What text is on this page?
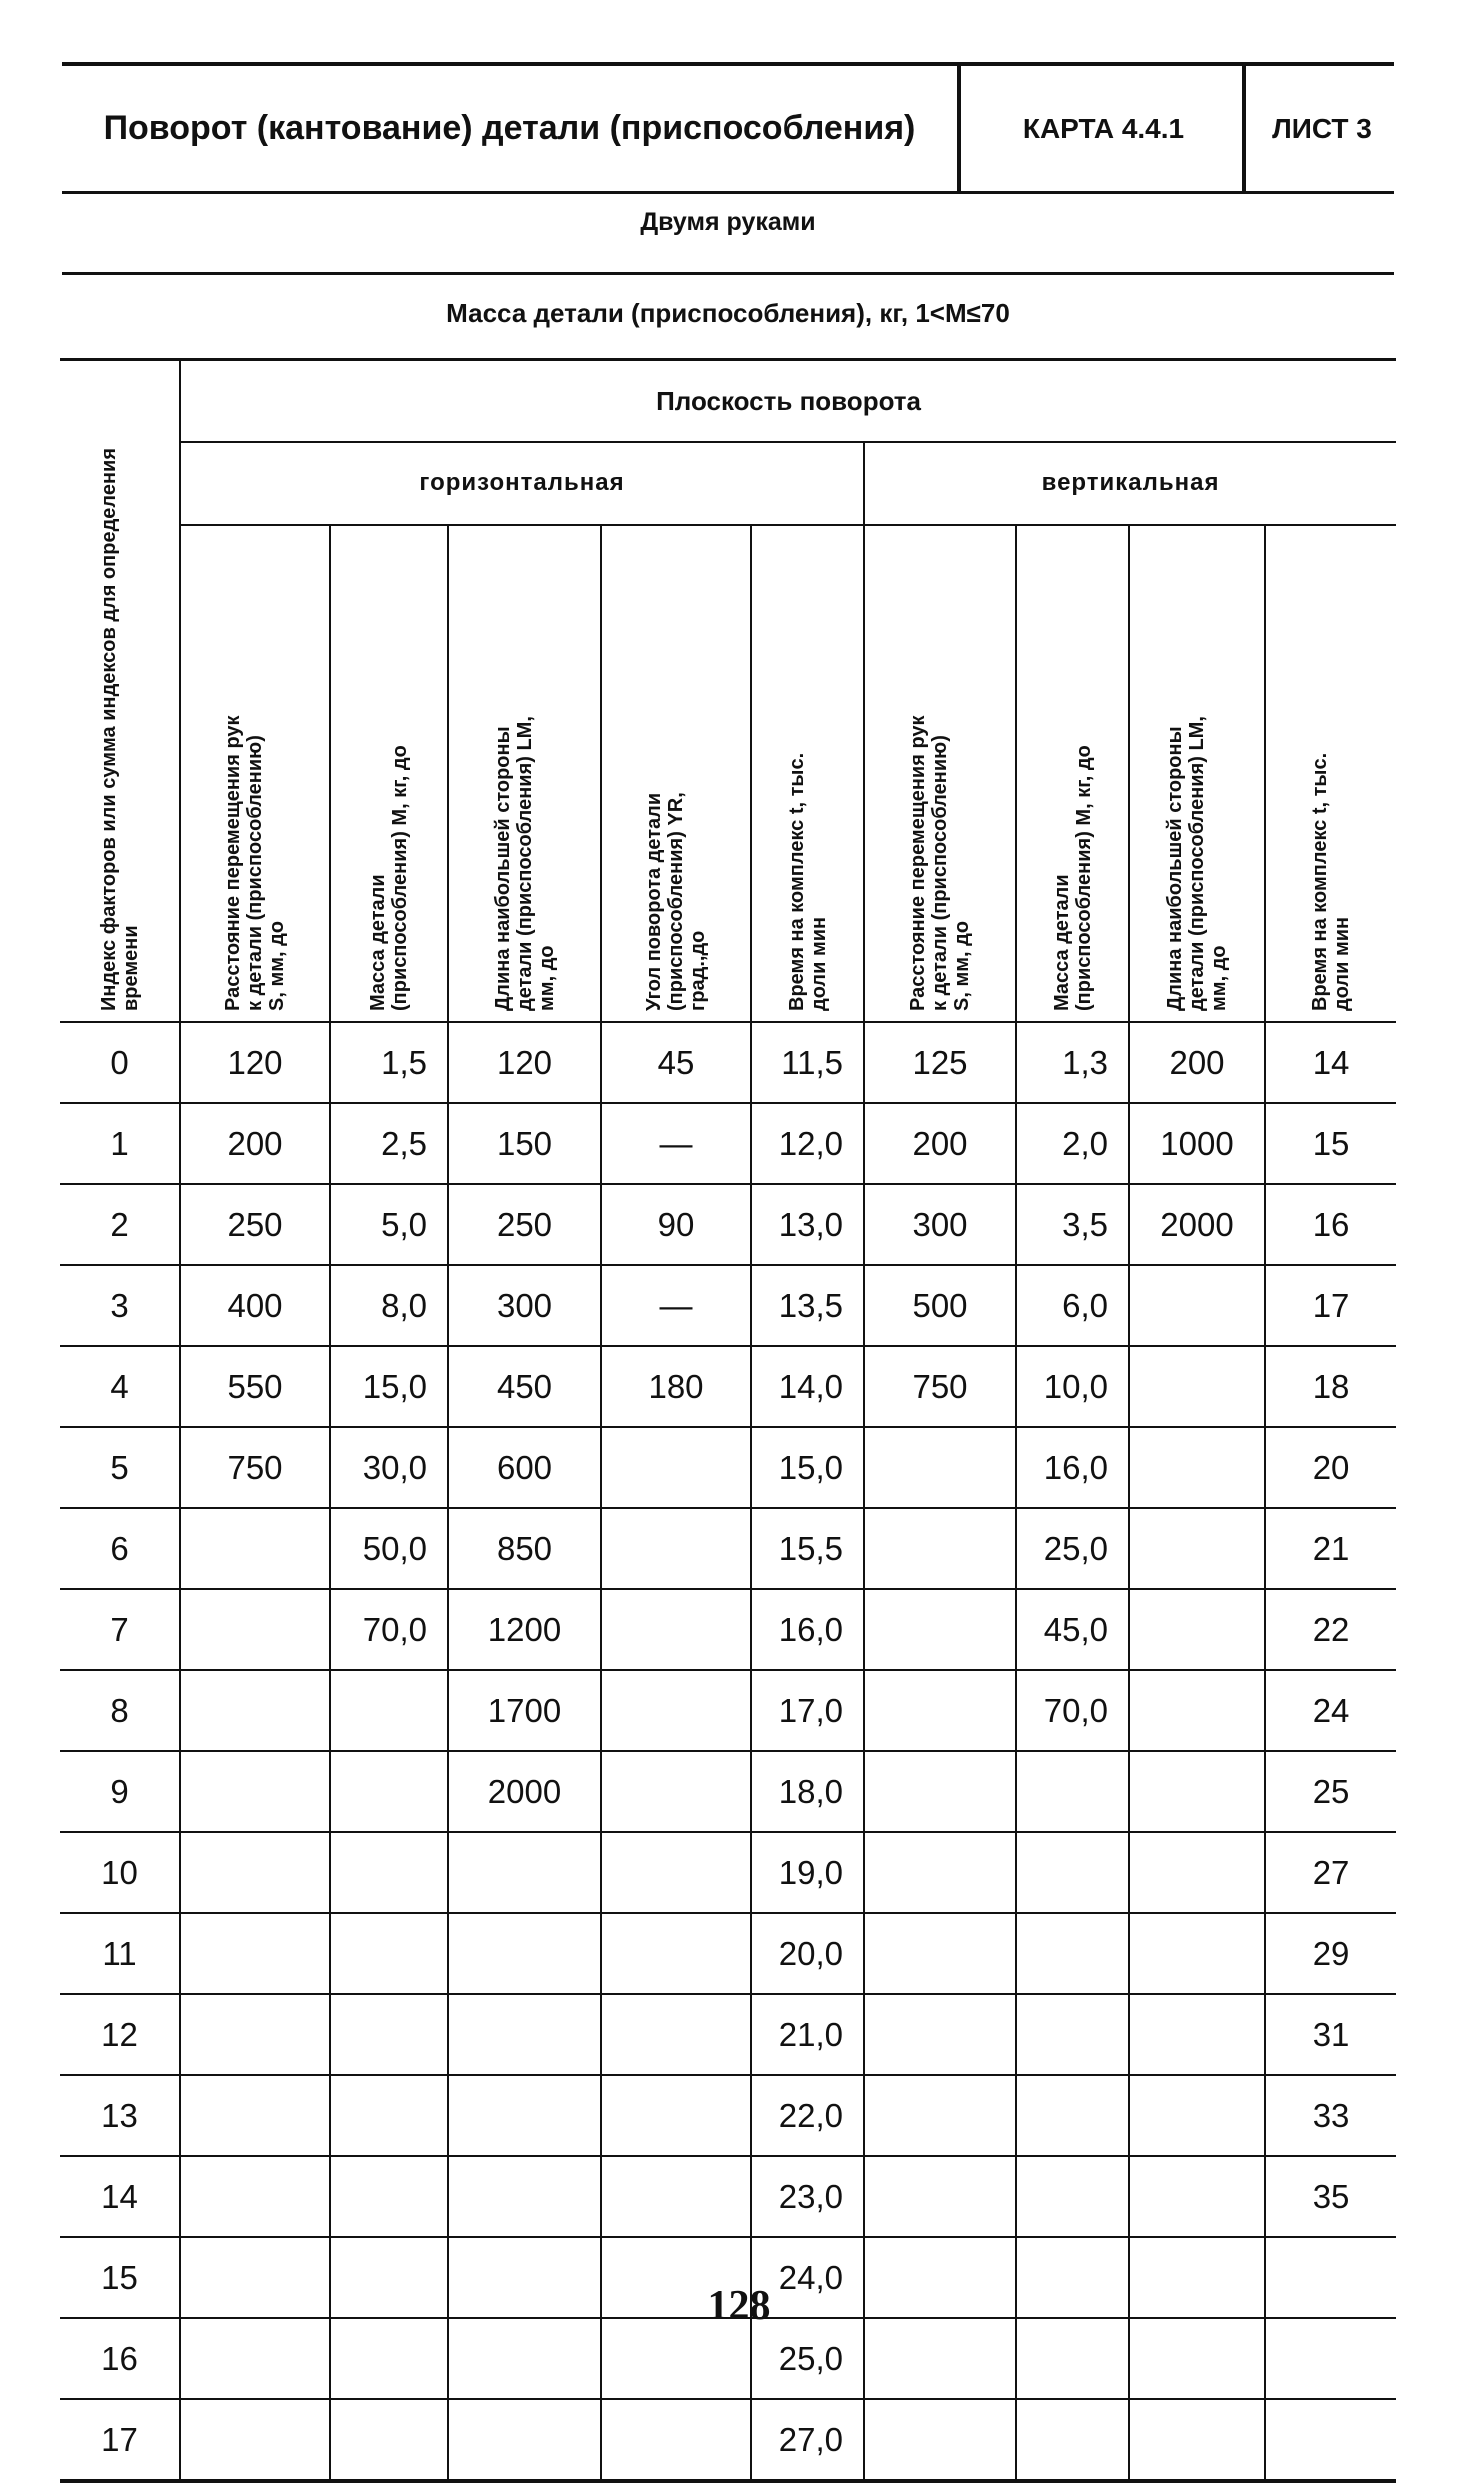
Поворот (кантование) детали (приспособления)	КАРТА 4.4.1	ЛИСТ 3
Двумя руками
Масса детали (приспособления), кг, 1<M≤70
Индекс факторов или сумма индексов для определения времени	Плоскость поворота								
	горизонтальная					вертикальная			

	Расстояние перемещения рук к детали (приспособлению) S, мм, до	Масса детали (приспособления) M, кг, до	Длина наибольшей стороны детали (приспособления) LM, мм, до	Угол поворота детали (приспособления) YR, град.,до	Время на комплекс t, тыс. доли мин	Расстояние перемещения рук к детали (приспособлению) S, мм, до	Масса детали (приспособления) M, кг, до	Длина наибольшей стороны детали (приспособления) LM, мм, до	Время на комплекс t, тыс. доли мин

0	120	1,5	120	45	11,5	125	1,3	200	14
1	200	2,5	150	—	12,0	200	2,0	1000	15
2	250	5,0	250	90	13,0	300	3,5	2000	16
3	400	8,0	300	—	13,5	500	6,0		17
4	550	15,0	450	180	14,0	750	10,0		18
5	750	30,0	600		15,0		16,0		20
6		50,0	850		15,5		25,0		21
7		70,0	1200		16,0		45,0		22
8			1700		17,0		70,0		24
9			2000		18,0				25
10					19,0				27
11					20,0				29
12					21,0				31
13					22,0				33
14					23,0				35
15					24,0				
16					25,0				
17					27,0				
128
